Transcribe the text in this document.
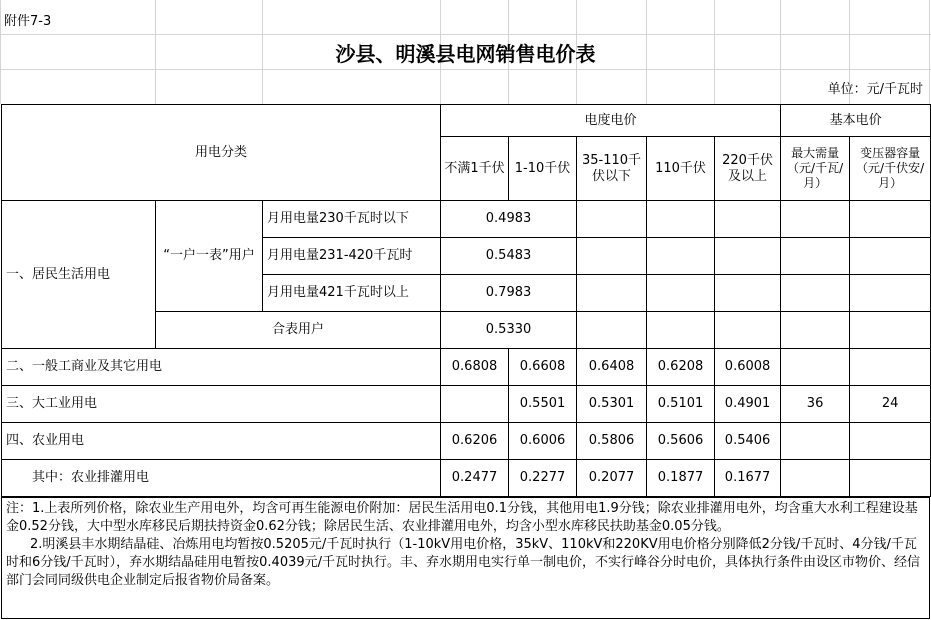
附件7-3
沙县、明溪县电网销售电价表
单位：元/千瓦时
用电分类			电度电价					基本电价	
			不满1千伏	1-10千伏	35-110千伏以下	110千伏	220千伏及以上	最大需量（元/千瓦/月）	变压器容量（元/千伏安/月）
一、居民生活用电	“一户一表”用户	月用电量230千瓦时以下	0.4983						
		月用电量231-420千瓦时	0.5483						
		月用电量421千瓦时以上	0.7983						
	合表用户		0.5330						
二、一般工商业及其它用电			0.6808	0.6608	0.6408	0.6208	0.6008		
三、大工业用电				0.5501	0.5301	0.5101	0.4901	36	24
四、农业用电			0.6206	0.6006	0.5806	0.5606	0.5406		
其中：农业排灌用电			0.2477	0.2277	0.2077	0.1877	0.1677		

注：1.上表所列价格，除农业生产用电外，均含可再生能源电价附加：居民生活用电0.1分钱，其他用电1.9分钱；除农业排灌用电外，均含重大水利工程建设基金0.52分钱，大中型水库移民后期扶持资金0.62分钱；除居民生活、农业排灌用电外，均含小型水库移民扶助基金0.05分钱。

2.明溪县丰水期结晶硅、冶炼用电均暂按0.5205元/千瓦时执行（1-10kV用电价格，35kV、110kV和220KV用电价格分别降低2分钱/千瓦时、4分钱/千瓦时和6分钱/千瓦时），弃水期结晶硅用电暂按0.4039元/千瓦时执行。丰、弃水期用电实行单一制电价，不实行峰谷分时电价，具体执行条件由设区市物价、经信部门会同同级供电企业制定后报省物价局备案。
